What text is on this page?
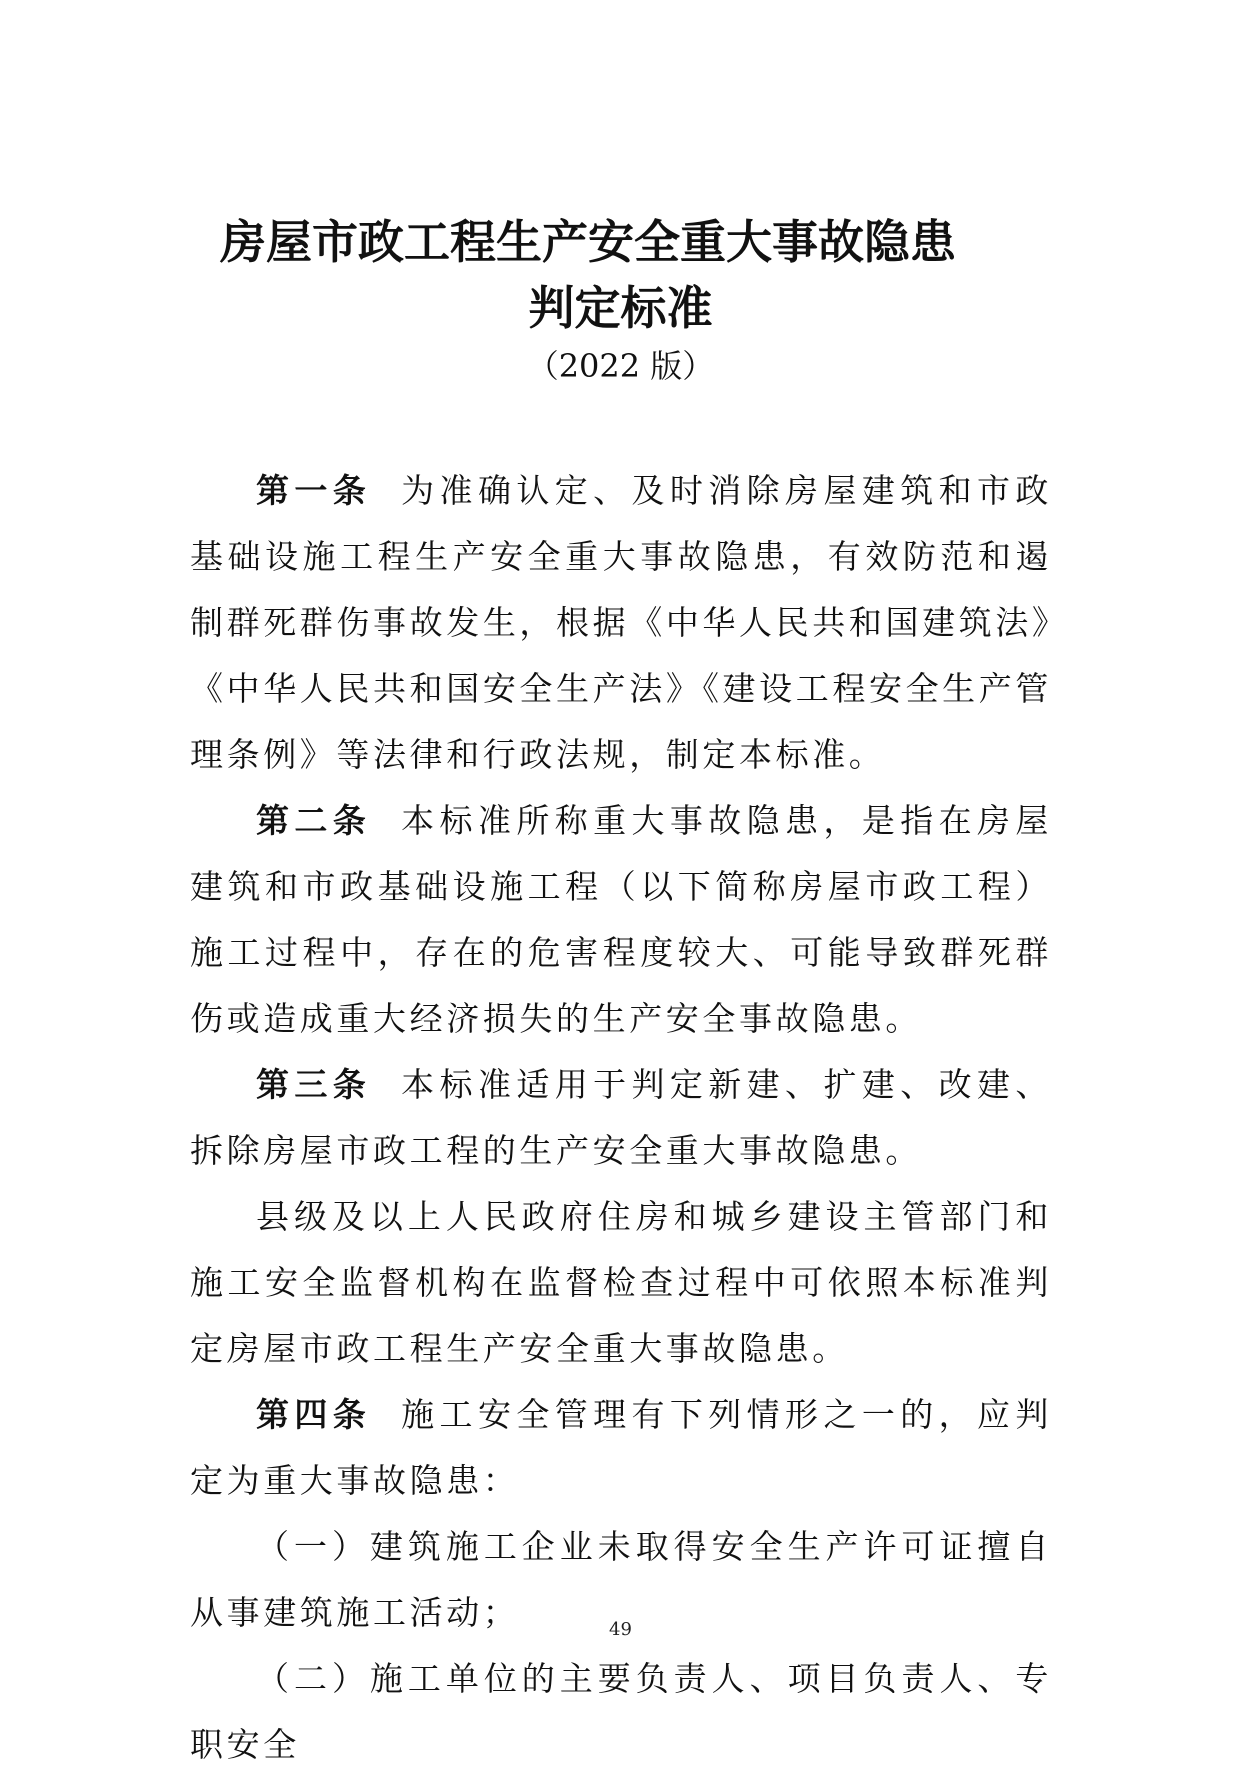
房屋市政工程生产安全重大事故隐患
判定标准
（2022 版）

第一条 为准确认定、及时消除房屋建筑和市政基础设施工程生产安全重大事故隐患，有效防范和遏制群死群伤事故发生，根据《中华人民共和国建筑法》《中华人民共和国安全生产法》《建设工程安全生产管理条例》等法律和行政法规，制定本标准。

第二条 本标准所称重大事故隐患，是指在房屋建筑和市政基础设施工程（以下简称房屋市政工程）施工过程中，存在的危害程度较大、可能导致群死群伤或造成重大经济损失的生产安全事故隐患。

第三条 本标准适用于判定新建、扩建、改建、拆除房屋市政工程的生产安全重大事故隐患。

县级及以上人民政府住房和城乡建设主管部门和施工安全监督机构在监督检查过程中可依照本标准判定房屋市政工程生产安全重大事故隐患。

第四条 施工安全管理有下列情形之一的，应判定为重大事故隐患：

（一）建筑施工企业未取得安全生产许可证擅自从事建筑施工活动；

（二）施工单位的主要负责人、项目负责人、专职安全

49
